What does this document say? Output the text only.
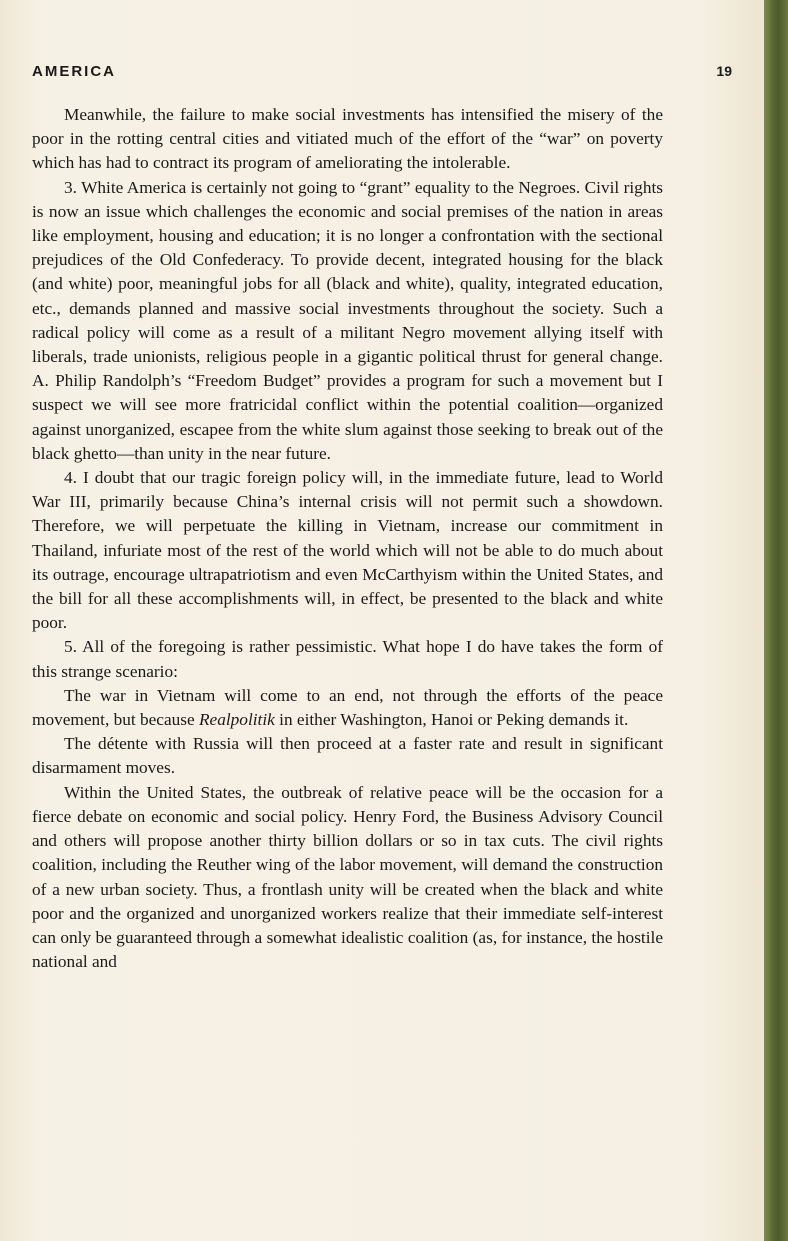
AMERICA	19

Meanwhile, the failure to make social investments has intensified the misery of the poor in the rotting central cities and vitiated much of the effort of the “war” on poverty which has had to contract its program of ameliorating the intolerable.

3. White America is certainly not going to “grant” equality to the Negroes. Civil rights is now an issue which challenges the economic and social premises of the nation in areas like employment, housing and education; it is no longer a confrontation with the sectional prejudices of the Old Confederacy. To provide decent, integrated housing for the black (and white) poor, meaningful jobs for all (black and white), quality, integrated education, etc., demands planned and massive social investments throughout the society. Such a radical policy will come as a result of a militant Negro movement allying itself with liberals, trade unionists, religious people in a gigantic political thrust for general change. A. Philip Randolph’s “Freedom Budget” provides a program for such a movement but I suspect we will see more fratricidal conflict within the potential coalition—organized against unorganized, escapee from the white slum against those seeking to break out of the black ghetto—than unity in the near future.

4. I doubt that our tragic foreign policy will, in the immediate future, lead to World War III, primarily because China’s internal crisis will not permit such a showdown. Therefore, we will perpetuate the killing in Vietnam, increase our commitment in Thailand, infuriate most of the rest of the world which will not be able to do much about its outrage, encourage ultrapatriotism and even McCarthyism within the United States, and the bill for all these accomplishments will, in effect, be presented to the black and white poor.

5. All of the foregoing is rather pessimistic. What hope I do have takes the form of this strange scenario:

The war in Vietnam will come to an end, not through the efforts of the peace movement, but because Realpolitik in either Washington, Hanoi or Peking demands it.

The détente with Russia will then proceed at a faster rate and result in significant disarmament moves.

Within the United States, the outbreak of relative peace will be the occasion for a fierce debate on economic and social policy. Henry Ford, the Business Advisory Council and others will propose another thirty billion dollars or so in tax cuts. The civil rights coalition, including the Reuther wing of the labor movement, will demand the construction of a new urban society. Thus, a frontlash unity will be created when the black and white poor and the organized and unorganized workers realize that their immediate self-interest can only be guaranteed through a somewhat idealistic coalition (as, for instance, the hostile national and
